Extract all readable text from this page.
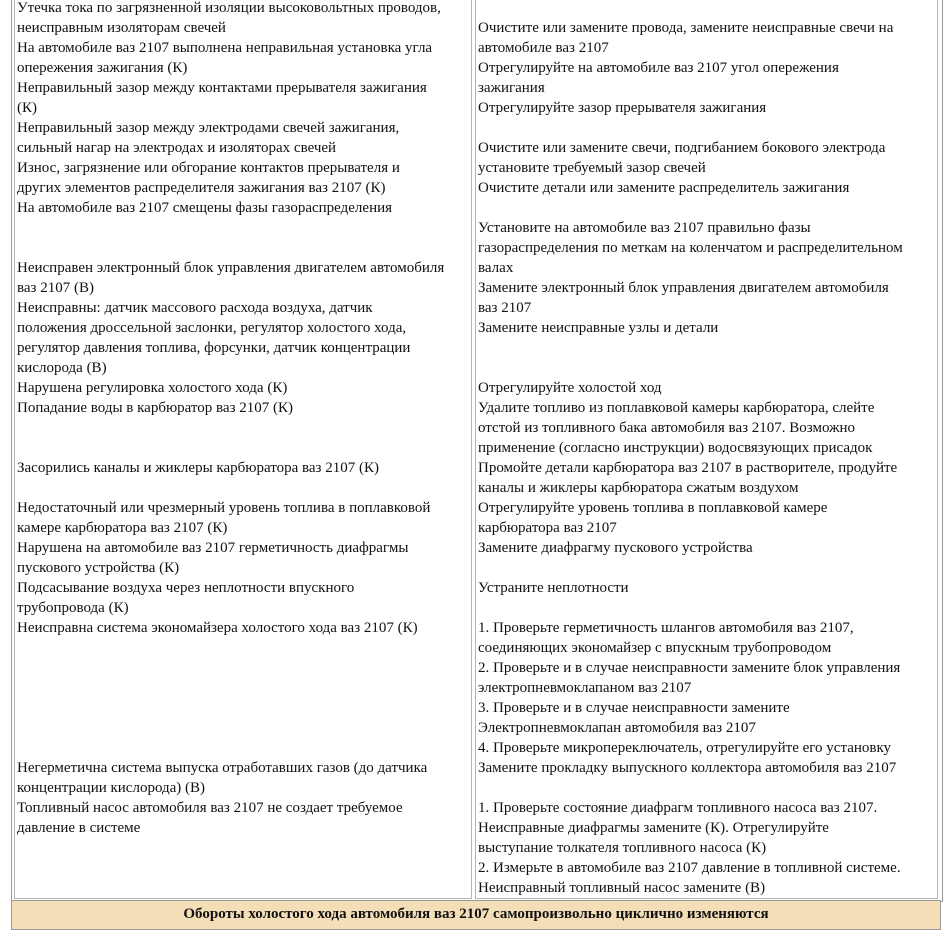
Утечка тока по загрязненной изоляции высоковольтных проводов,
неисправным изоляторам свечей
На автомобиле ваз 2107 выполнена неправильная установка угла
опережения зажигания (К)
Неправильный зазор между контактами прерывателя зажигания
(К)
Неправильный зазор между электродами свечей зажигания,
сильный нагар на электродах и изоляторах свечей
Износ, загрязнение или обгорание контактов прерывателя и
других элементов распределителя зажигания ваз 2107 (К)
На автомобиле ваз 2107 смещены фазы газораспределения
Неисправен электронный блок управления двигателем автомобиля
ваз 2107 (В)
Неисправны: датчик массового расхода воздуха, датчик
положения дроссельной заслонки, регулятор холостого хода,
регулятор давления топлива, форсунки, датчик концентрации
кислорода (В)
Нарушена регулировка холостого хода (К)
Попадание воды в карбюратор ваз 2107 (К)
Засорились каналы и жиклеры карбюратора ваз 2107 (К)
Недостаточный или чрезмерный уровень топлива в поплавковой
камере карбюратора ваз 2107 (К)
Нарушена на автомобиле ваз 2107 герметичность диафрагмы
пускового устройства (К)
Подсасывание воздуха через неплотности впускного
трубопровода (К)
Неисправна система экономайзера холостого хода ваз 2107 (К)
Негерметична система выпуска отработавших газов (до датчика
концентрации кислорода) (В)
Топливный насос автомобиля ваз 2107 не создает требуемое
давление в системе
Очистите или замените провода, замените неисправные свечи на
автомобиле ваз 2107
Отрегулируйте на автомобиле ваз 2107 угол опережения
зажигания
Отрегулируйте зазор прерывателя зажигания
Очистите или замените свечи, подгибанием бокового электрода
установите требуемый зазор свечей
Очистите детали или замените распределитель зажигания
Установите на автомобиле ваз 2107 правильно фазы
газораспределения по меткам на коленчатом и распределительном
валах
Замените электронный блок управления двигателем автомобиля
ваз 2107
Замените неисправные узлы и детали
Отрегулируйте холостой ход
Удалите топливо из поплавковой камеры карбюратора, слейте
отстой из топливного бака автомобиля ваз 2107. Возможно
применение (согласно инструкции) водосвязующих присадок
Промойте детали карбюратора ваз 2107 в растворителе, продуйте
каналы и жиклеры карбюратора сжатым воздухом
Отрегулируйте уровень топлива в поплавковой камере
карбюратора ваз 2107
Замените диафрагму пускового устройства
Устраните неплотности
1. Проверьте герметичность шлангов автомобиля ваз 2107,
соединяющих экономайзер с впускным трубопроводом
2. Проверьте и в случае неисправности замените блок управления
электропневмоклапаном ваз 2107
3. Проверьте и в случае неисправности замените
Электропневмоклапан автомобиля ваз 2107
4. Проверьте микропереключатель, отрегулируйте его установку
Замените прокладку выпускного коллектора автомобиля ваз 2107
1. Проверьте состояние диафрагм топливного насоса ваз 2107.
Неисправные диафрагмы замените (К). Отрегулируйте
выступание толкателя топливного насоса (К)
2. Измерьте в автомобиле ваз 2107 давление в топливной системе.
Неисправный топливный насос замените (В)
Обороты холостого хода автомобиля ваз 2107 самопроизвольно циклично изменяются
